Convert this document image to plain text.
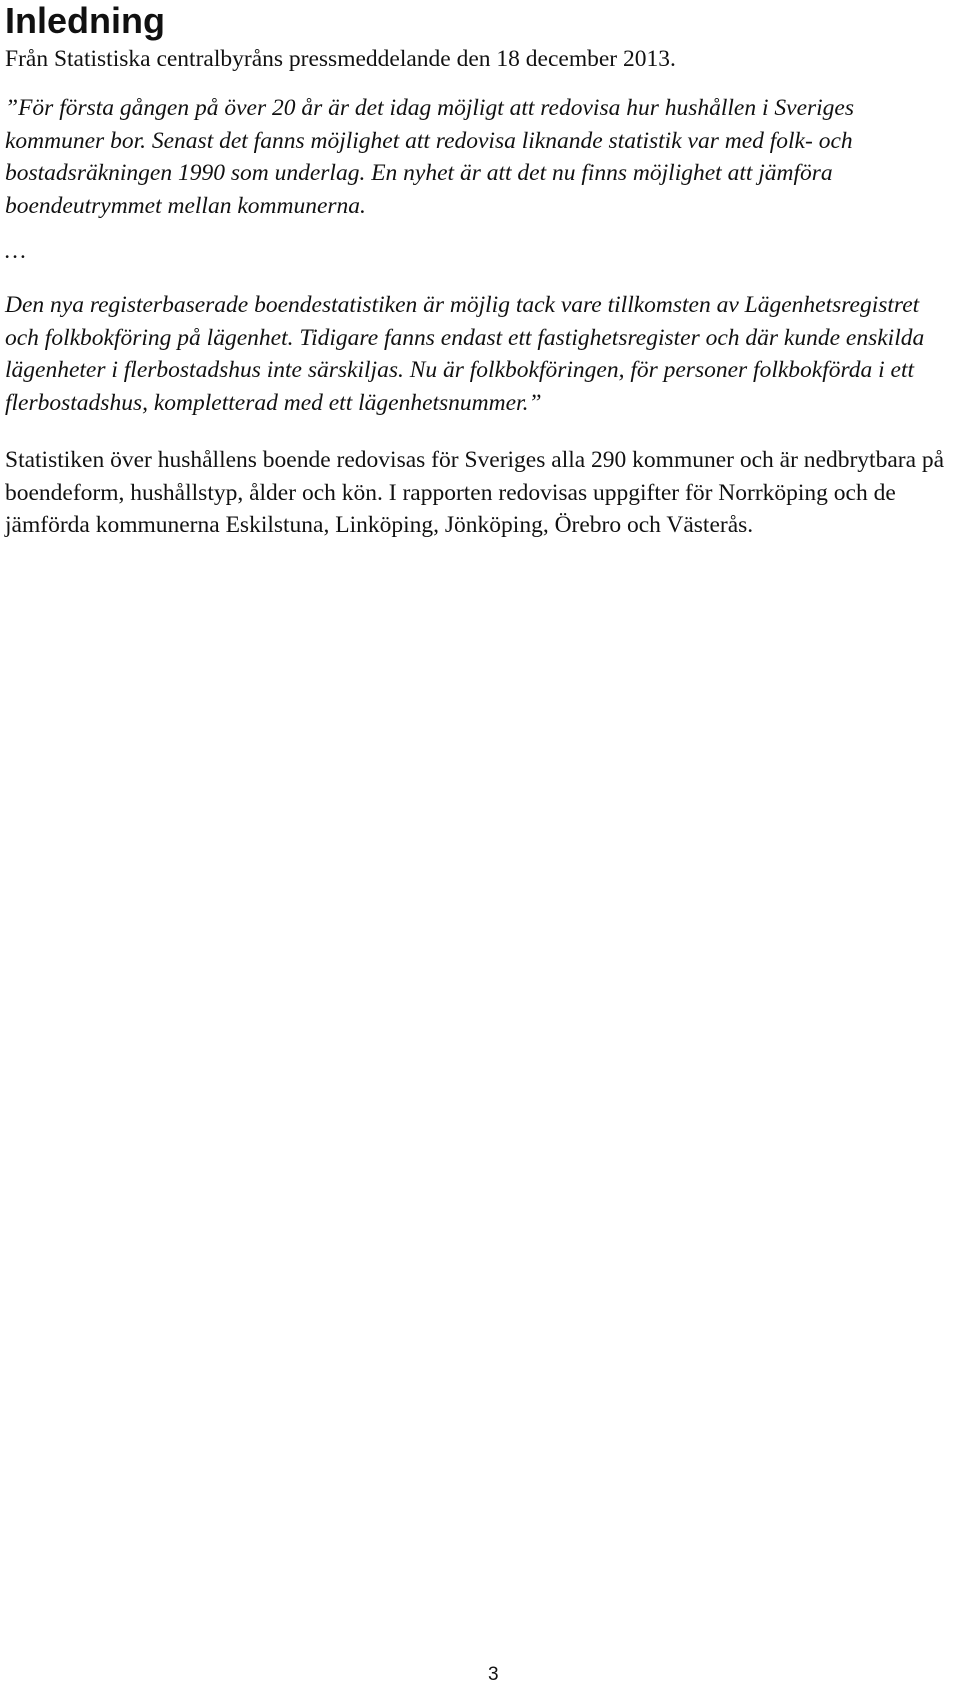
Inledning

Från Statistiska centralbyråns pressmeddelande den 18 december 2013.

”För första gången på över 20 år är det idag möjligt att redovisa hur hushållen i Sveriges kommuner bor. Senast det fanns möjlighet att redovisa liknande statistik var med folk- och bostadsräkningen 1990 som underlag. En nyhet är att det nu finns möjlighet att jämföra boendeutrymmet mellan kommunerna.

…

Den nya registerbaserade boendestatistiken är möjlig tack vare tillkomsten av Lägenhetsregistret och folkbokföring på lägenhet. Tidigare fanns endast ett fastighetsregister och där kunde enskilda lägenheter i flerbostadshus inte särskiljas. Nu är folkbokföringen, för personer folkbokförda i ett flerbostadshus, kompletterad med ett lägenhetsnummer.”

Statistiken över hushållens boende redovisas för Sveriges alla 290 kommuner och är nedbrytbara på boendeform, hushållstyp, ålder och kön. I rapporten redovisas uppgifter för Norrköping och de jämförda kommunerna Eskilstuna, Linköping, Jönköping, Örebro och Västerås.

3
